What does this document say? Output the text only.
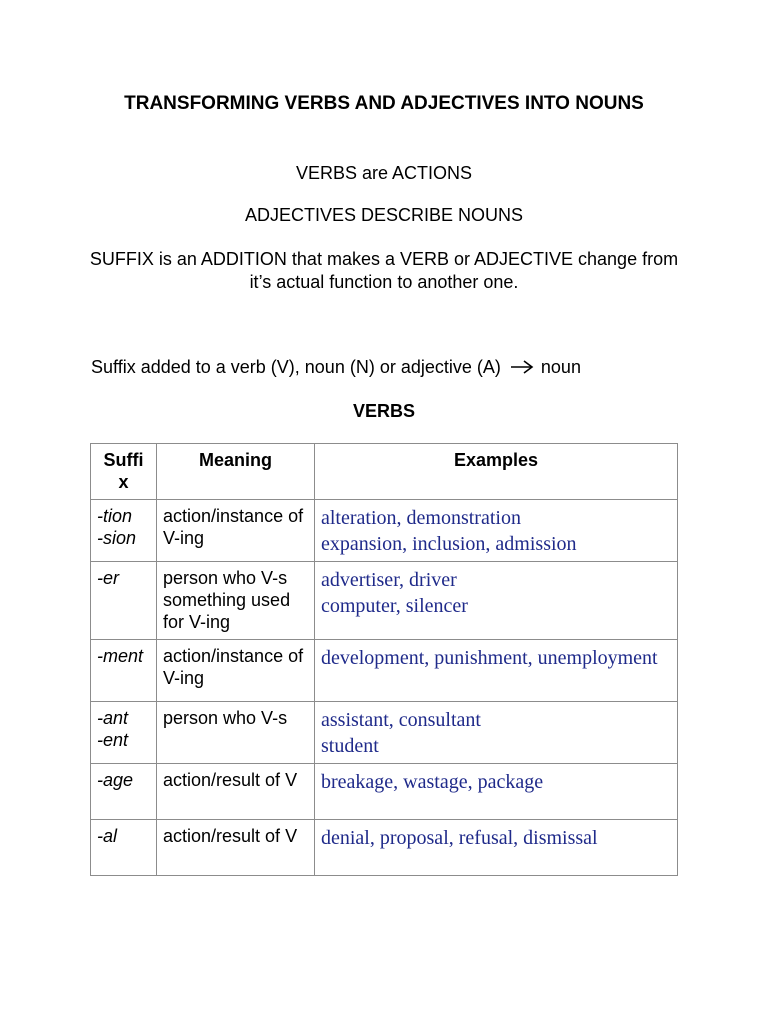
TRANSFORMING VERBS AND ADJECTIVES INTO NOUNS
VERBS are ACTIONS
ADJECTIVES DESCRIBE NOUNS
SUFFIX is an ADDITION that makes a VERB or ADJECTIVE change from it’s actual function to another one.
Suffix added to a verb (V), noun (N) or adjective (A) noun
VERBS
Suffix	Meaning	Examples

-tion
-sion	action/instance of V-ing	alteration, demonstration
expansion, inclusion, admission

-er	person who V-s something used for V-ing	advertiser, driver
computer, silencer

-ment	action/instance of V-ing	development, punishment, unemployment

-ant
-ent	person who V-s	assistant, consultant
student

-age	action/result of V	breakage, wastage, package

-al	action/result of V	denial, proposal, refusal, dismissal
